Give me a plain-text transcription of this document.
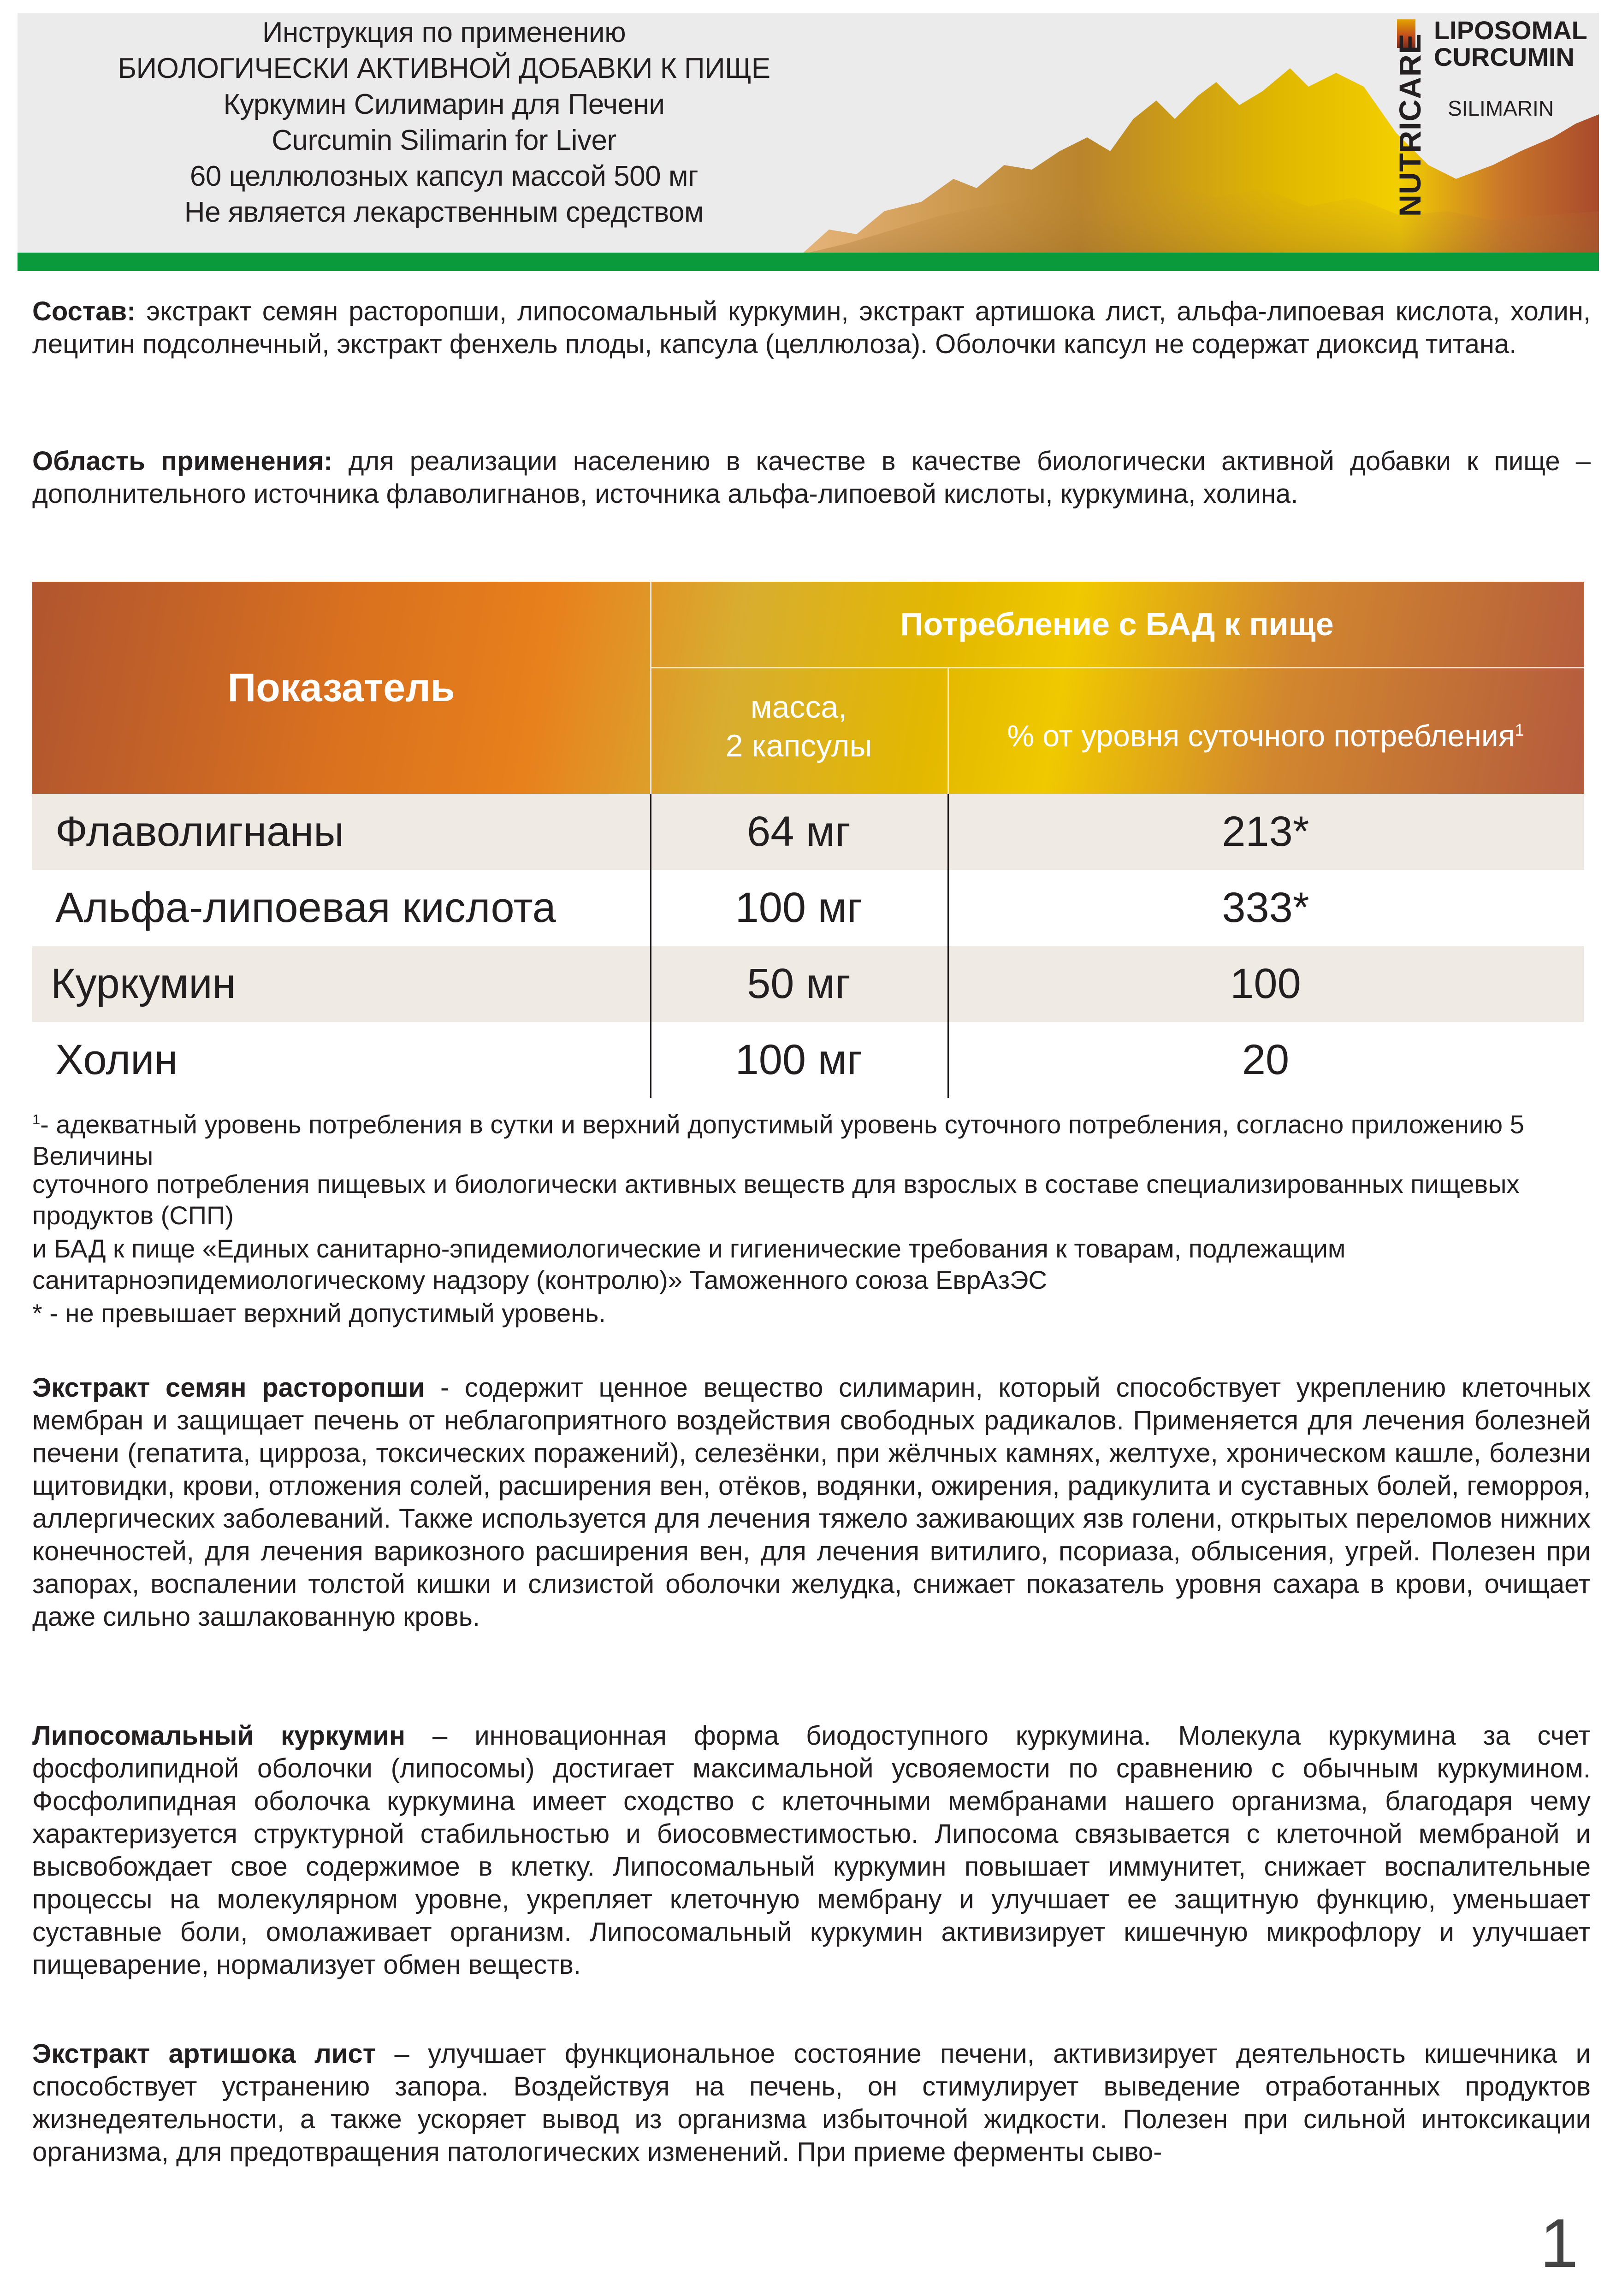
Инструкция по применению
БИОЛОГИЧЕСКИ АКТИВНОЙ ДОБАВКИ К ПИЩЕ
Куркумин Силимарин для Печени
Curcumin Silimarin for Liver
60 целлюлозных капсул массой 500 мг
Не является лекарственным средством	NUTRICARE
LIPOSOMAL
CURCUMIN
SILIMARIN
Состав: экстракт семян расторопши, липосомальный куркумин, экстракт артишока лист, альфа-липоевая кислота, холин, лецитин подсолнечный, экстракт фенхель плоды, капсула (целлюлоза). Оболочки капсул не содержат диоксид титана.
Область применения: для реализации населению в качестве в качестве биологически активной добавки к пище – дополнительного источника флаволигнанов, источника альфа-липоевой кислоты, куркумина, холина.
Показатель
Потребление с БАД к пище
масса,
2 капсулы	% от уровня суточного потребления$^1$
Флаволигнаны	64 мг	213*
Альфа-липоевая кислота	100 мг	333*
Куркумин	50 мг	100
Холин	100 мг	20
$^1$- адекватный уровень потребления в сутки и верхний допустимый уровень суточного потребления, согласно приложению 5 Величины
суточного потребления пищевых и биологически активных веществ для взрослых в составе специализированных пищевых продуктов (СПП)
и БАД к пище «Единых санитарно-эпидемиологические и гигиенические требования к товарам, подлежащим санитарноэпидемиологическому надзору (контролю)» Таможенного союза ЕврАзЭС
* - не превышает верхний допустимый уровень.
Экстракт семян расторопши - содержит ценное вещество силимарин, который способствует укреплению клеточных мембран и защищает печень от неблагоприятного воздействия свободных радикалов. Применяется для лечения болезней печени (гепатита, цирроза, токсических поражений), селезёнки, при жёлчных камнях, желтухе, хроническом кашле, болезни щитовидки, крови, отложения солей, расширения вен, отёков, водянки, ожирения, радикулита и суставных болей, геморроя, аллергических заболеваний. Также используется для лечения тяжело заживающих язв голени, открытых переломов нижних конечностей, для лечения варикозного расширения вен, для лечения витилиго, псориаза, облысения, угрей. Полезен при запорах, воспалении толстой кишки и слизистой оболочки желудка, снижает показатель уровня сахара в крови, очищает даже сильно зашлакованную кровь.
Липосомальный куркумин – инновационная форма биодоступного куркумина. Молекула куркумина за счет фосфолипидной оболочки (липосомы) достигает максимальной усвояемости по сравнению с обычным куркумином. Фосфолипидная оболочка куркумина имеет сходство с клеточными мембранами нашего организма, благодаря чему характеризуется структурной стабильностью и биосовместимостью. Липосома связывается с клеточной мембраной и высвобождает свое содержимое в клетку. Липосомальный куркумин повышает иммунитет, снижает воспалительные процессы на молекулярном уровне, укрепляет клеточную мембрану и улучшает ее защитную функцию, уменьшает суставные боли, омолаживает организм. Липосомальный куркумин активизирует кишечную микрофлору и улучшает пищеварение, нормализует обмен веществ.
Экстракт артишока лист – улучшает функциональное состояние печени, активизирует деятельность кишечника и способствует устранению запора. Воздействуя на печень, он стимулирует выведение отработанных продуктов жизнедеятельности, а также ускоряет вывод из организма избыточной жидкости. Полезен при сильной интоксикации организма, для предотвращения патологических изменений. При приеме ферменты сыво-
1
